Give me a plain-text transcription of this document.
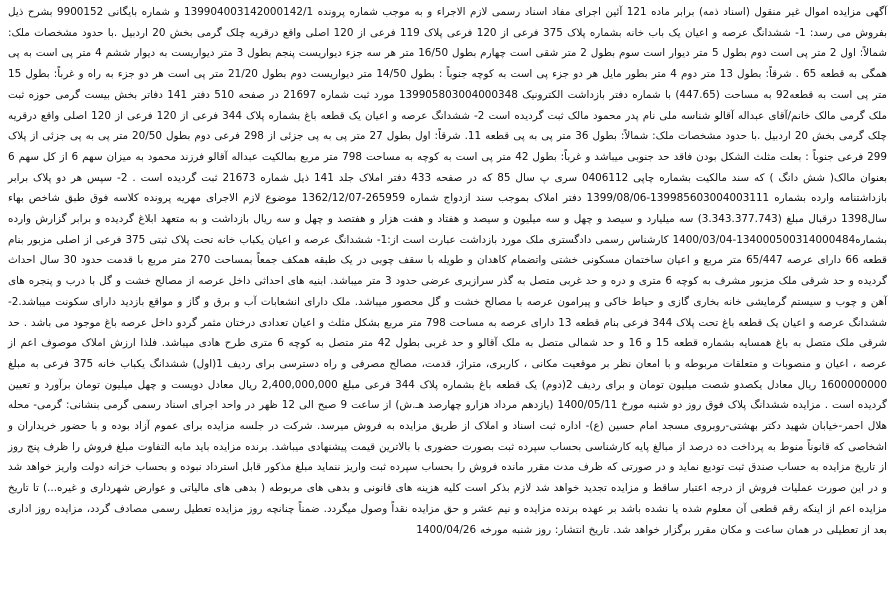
آگهی مزایده اموال غیر منقول (اسناد ذمه) برابر ماده 121 آئین اجرای مفاد اسناد رسمی لازم الاجراء و به موجب شماره پرونده 139904003142000142/1 و شماره بایگانی 9900152 بشرح ذیل بفروش می رسد: 1- ششدانگ عرصه و اعیان یک باب خانه بشماره پلاک 375 فرعی از 120 فرعی پلاک 119 فرعی از 120 اصلی واقع درقریه چلک گرمی بخش 20 اردبیل .با حدود مشخصات ملک: شمالاً: اول 2 متر پی است دوم بطول 5 متر دیوار است سوم بطول 2 متر شقی است چهارم بطول 16/50 متر هر سه جزء دیواریست پنجم بطول 3 متر دیواریست به دیوار ششم 4 متر پی است به پی همگی به قطعه 65 . شرقاً: بطول 13 متر دوم 4 متر بطور مایل هر دو جزء پی است به کوچه جنوباً : بطول 14/50 متر دیواریست دوم بطول 21/20 متر پی است هر دو جزء به راه و غرباً: بطول 15 متر پی است به قطعه92 به مساحت (447.65) با شماره دفتر بازداشت الکترونیک 139905803004000348 مورد ثبت شماره 21697 در صفحه 510 دفتر 141 دفاتر بخش بیست گرمی حوزه ثبت ملک گرمی مالک خانم/آقای عبداله آقالو شناسه ملی نام پدر محمود مالک ثبت گردیده است 2- ششدانگ عرصه و اعیان یک قطعه باغ بشماره پلاک 344 فرعی از 120 فرعی از 120 اصلی واقع درقریه چلک گرمی بخش 20 اردبیل .با حدود مشخصات ملک: شمالاً: بطول 36 متر پی به پی قطعه 11. شرقاً: اول بطول 27 متر پی به پی جزئی از 298 فرعی دوم بطول 20/50 متر پی به پی جزئی از پلاک 299 فرعی جنوباً : بعلت مثلث الشکل بودن فاقد حد جنوبی میباشد و غرباً: بطول 42 متر پی است به کوچه به مساحت 798 متر مربع بمالکیت عبداله آقالو فرزند محمود به میزان سهم 6 از کل سهم 6 بعنوان مالک( شش دانگ ) که سند مالکیت بشماره چاپی 0406112 سری پ سال 85 که در صفحه 433 دفتر املاک جلد 141 ذیل شماره 21673 ثبت گردیده است . 2- سپس هر دو پلاک برابر بازداشتنامه وارده بشماره 139985603004003111-1399/08/06 دفتر املاک بموجب سند ازدواج شماره 265959-1362/12/07 موضوع لازم الاجرای مهریه پرونده کلاسه فوق طبق شاخص بهاء سال1398 درقبال مبلغ (3.343.377.743) سه میلیارد و سیصد و چهل و سه میلیون و سیصد و هفتاد و هفت هزار و هفتصد و چهل و سه ریال بازداشت و به متعهد ابلاغ گردیده و برابر گزارش وارده بشماره134000500314000484-1400/03/04 کارشناس رسمی دادگستری ملک مورد بازداشت عبارت است از:1- ششدانگ عرصه و اعیان یکباب خانه تحت پلاک ثبتی 375 فرعی از اصلی مزبور بنام قطعه 66 دارای عرصه 65/447 متر مربع و اعیان ساختمان مسکونی خشتی واتضمام کاهدان و طویله با سقف چوبی در یک طبقه همکف جمعاً بمساحت 270 متر مربع با قدمت حدود 30 سال احداث گردیده و حد شرقی ملک مزبور مشرف به کوچه 6 متری و دره و حد غربی متصل به گذر سرازیری عرضی حدود 3 متر میباشد. ابنیه های احداثی داخل عرصه از مصالح خشت و گل با درب و پنجره های آهن و چوب و سیستم گرمایشی خانه بخاری گازی و حیاط خاکی و پیرامون عرصه با مصالح خشت و گل محصور میباشد. ملک دارای انشعابات آب و برق و گاز و مواقع بازدید دارای سکونت میباشد.2- ششدانگ عرصه و اعیان یک قطعه باغ تحت پلاک 344 فرعی بنام قطعه 13 دارای عرصه به مساحت 798 متر مربع بشکل مثلث و اعیان تعدادی درختان مثمر گردو داخل عرصه باغ موجود می باشد . حد شرقی ملک متصل به باغ همسایه بشماره قطعه 15 و 16 و حد شمالی متصل به ملک آقالو و حد غربی بطول 42 متر متصل به کوچه 6 متری طرح هادی میباشد. فلذا ارزش املاک موصوف اعم از عرصه ، اعیان و منصوبات و متعلقات مربوطه و با امعان نظر بر موقعیت مکانی ، کاربری، متراژ، قدمت، مصالح مصرفی و راه دسترسی برای ردیف 1(اول) ششدانگ یکباب خانه 375 فرعی به مبلغ 1600000000 ریال معادل یکصدو شصت میلیون تومان و برای ردیف 2(دوم) یک قطعه باغ بشماره پلاک 344 فرعی مبلغ 2,400,000,000 ریال معادل دویست و چهل میلیون تومان برآورد و تعیین گردیده است . مزایده ششدانگ پلاک فوق روز دو شنبه مورخ 1400/05/11 (یازدهم مرداد هزارو چهارصد هـ.ش) از ساعت 9 صبح الی 12 ظهر در واحد اجرای اسناد رسمی گرمی بنشانی: گرمی- محله هلال احمر-خیابان شهید دکتر بهشتی-روبروی مسجد امام حسین (ع)- اداره ثبت اسناد و املاک از طریق مزایده به فروش میرسد. شرکت در جلسه مزایده برای عموم آزاد بوده و با حضور خریداران و اشخاصی که قانوناً منوط به پرداخت ده درصد از مبالغ پایه کارشناسی بحساب سپرده ثبت بصورت حضوری با بالاترین قیمت پیشنهادی میباشد. برنده مزایده باید مابه التفاوت مبلغ فروش را ظرف پنج روز از تاریخ مزایده به حساب صندق ثبت تودیع نماید و در صورتی که ظرف مدت مقرر مانده فروش را بحساب سپرده ثبت واریز ننماید مبلغ مذکور قابل استرداد نبوده و بحساب خزانه دولت واریز خواهد شد و در این صورت عملیات فروش از درجه اعتبار ساقط و مزایده تجدید خواهد شد لازم بذکر است کلیه هزینه های قانونی و بدهی های مربوطه ( بدهی های مالیاتی و عوارض شهرداری و غیره...) تا تاریخ مزایده اعم از اینکه رقم قطعی آن معلوم شده یا نشده باشد بر عهده برنده مزایده و نیم عشر و حق مزایده نقداً وصول میگردد. ضمناً چنانچه روز مزایده تعطیل رسمی مصادف گردد، مزایده روز اداری بعد از تعطیلی در همان ساعت و مکان مقرر برگزار خواهد شد. تاریخ انتشار: روز شنبه مورخه 1400/04/26
